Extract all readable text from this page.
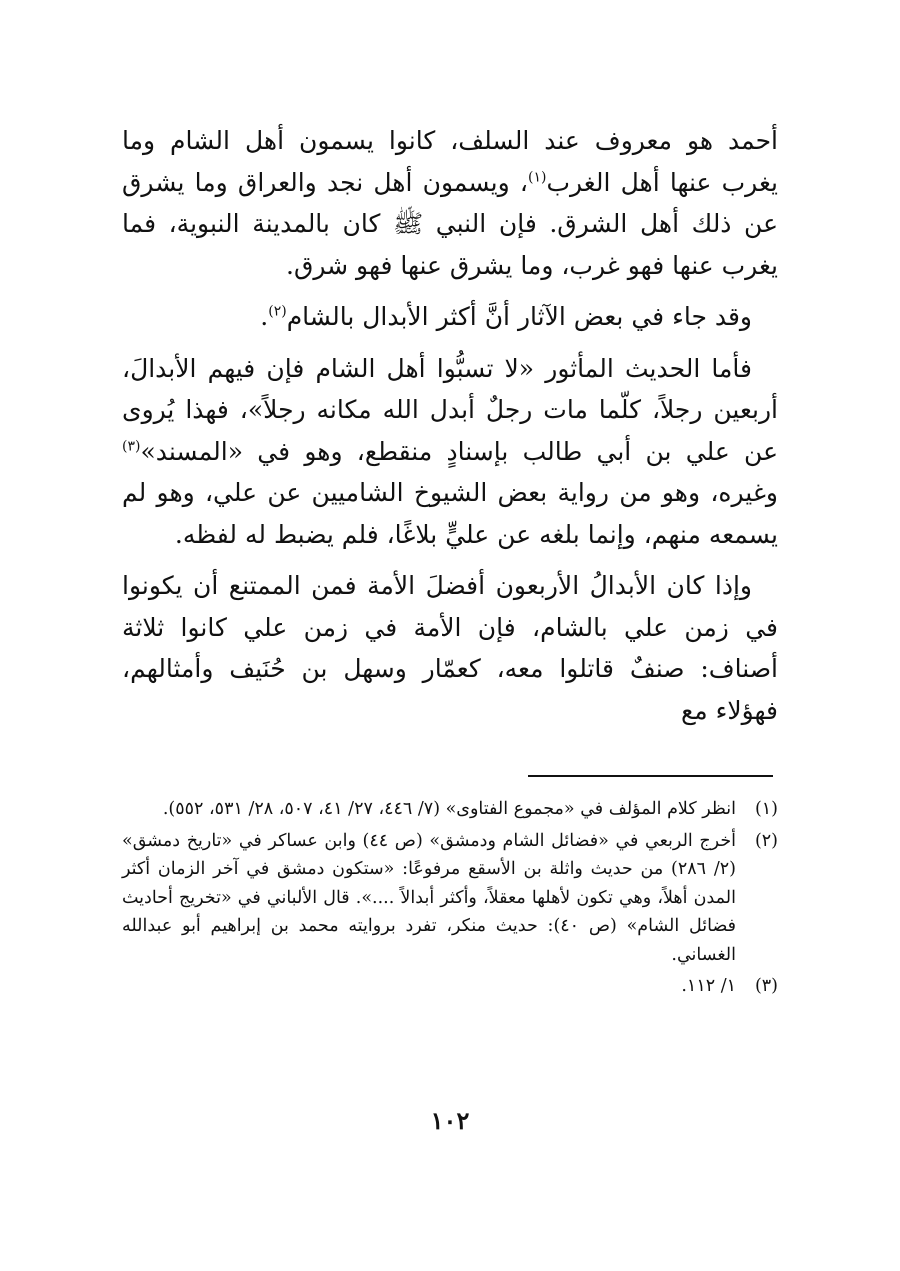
أحمد هو معروف عند السلف، كانوا يسمون أهل الشام وما يغرب عنها أهل الغرب$^{(١)}$، ويسمون أهل نجد والعراق وما يشرق عن ذلك أهل الشرق. فإن النبي ﷺ كان بالمدينة النبوية، فما يغرب عنها فهو غرب، وما يشرق عنها فهو شرق.

وقد جاء في بعض الآثار أنَّ أكثر الأبدال بالشام$^{(٢)}$.

فأما الحديث المأثور «لا تسبُّوا أهل الشام فإن فيهم الأبدالَ، أربعين رجلاً، كلّما مات رجلٌ أبدل الله مكانه رجلاً»، فهذا يُروى عن علي بن أبي طالب بإسنادٍ منقطع، وهو في «المسند»$^{(٣)}$ وغيره، وهو من رواية بعض الشيوخ الشاميين عن علي، وهو لم يسمعه منهم، وإنما بلغه عن عليٍّ بلاغًا، فلم يضبط له لفظه.

وإذا كان الأبدالُ الأربعون أفضلَ الأمة فمن الممتنع أن يكونوا في زمن علي بالشام، فإن الأمة في زمن علي كانوا ثلاثة أصناف: صنفٌ قاتلوا معه، كعمّار وسهل بن حُنَيف وأمثالهم، فهؤلاء مع

(١)
انظر كلام المؤلف في «مجموع الفتاوى» (٧/ ٤٤٦، ٢٧/ ٤١، ٥٠٧، ٢٨/ ٥٣١، ٥٥٢).
(٢)
أخرج الربعي في «فضائل الشام ودمشق» (ص ٤٤) وابن عساكر في «تاريخ دمشق» (٢/ ٢٨٦) من حديث واثلة بن الأسقع مرفوعًا: «ستكون دمشق في آخر الزمان أكثر المدن أهلاً، وهي تكون لأهلها معقلاً، وأكثر أبدالاً ....». قال الألباني في «تخريج أحاديث فضائل الشام» (ص ٤٠): حديث منكر، تفرد بروايته محمد بن إبراهيم أبو عبدالله الغساني.
(٣)
١/ ١١٢.
١٠٢
